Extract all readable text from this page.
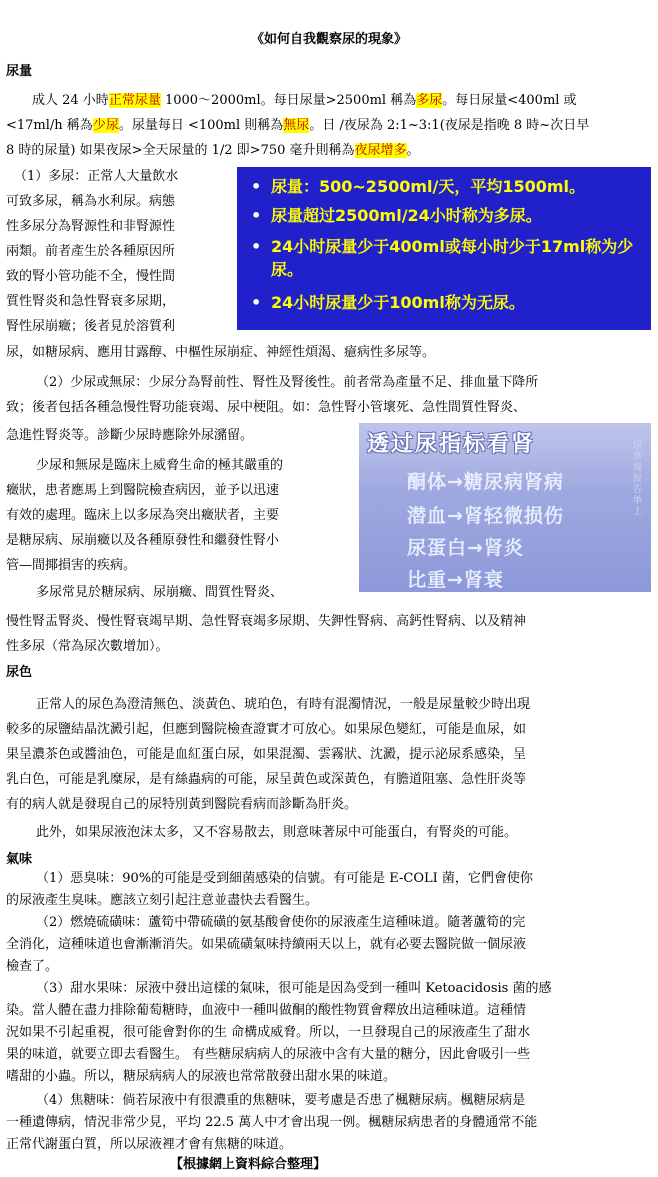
《如何自我觀察尿的現象》
尿量

成人 24 小時正常尿量 1000～2000ml。每日尿量>2500ml 稱為多尿。每日尿量<400ml 或
<17ml/h 稱為少尿。尿量每日 <100ml 則稱為無尿。日 /夜尿為 2:1~3:1(夜尿是指晚 8 時~次日早
8 時的尿量) 如果夜尿>全天尿量的 1/2 即>750 毫升則稱為夜尿增多。

（1）多尿：正常人大量飲水
可致多尿，稱為水利尿。病態
性多尿分為腎源性和非腎源性
兩類。前者產生於各種原因所
致的腎小管功能不全，慢性間
質性腎炎和急性腎衰多尿期，
腎性尿崩癥；後者見於溶質利
• 尿量：500~2500ml/天，平均1500ml。
• 尿量超过2500ml/24小时称为多尿。
• 24小时尿量少于400ml或每小时少于17ml称为少尿。
• 24小时尿量少于100ml称为无尿。
尿，如糖尿病、應用甘露醇、中樞性尿崩症、神經性煩渴、癔病性多尿等。
（2）少尿或無尿：少尿分為腎前性、腎性及腎後性。前者常為產量不足、排血量下降所
致；後者包括各種急慢性腎功能衰竭、尿中梗阻。如：急性腎小管壞死、急性間質性腎炎、
急進性腎炎等。診斷少尿時應除外尿瀦留。
少尿和無尿是臨床上威脅生命的極其嚴重的
癥狀，患者應馬上到醫院檢查病因，並予以迅速
有效的處理。臨床上以多尿為突出癥狀者，主要
是糖尿病、尿崩癥以及各種原發性和繼發性腎小
管—間揶損害的疾病。
多尿常見於糖尿病、尿崩癥、間質性腎炎、
慢性腎盂腎炎、慢性腎衰竭早期、急性腎衰竭多尿期、失鉀性腎病、高鈣性腎病、以及精神
性多尿（常為尿次數增加）。
透过尿指标看肾
酮体→糖尿病肾病
潜血→肾轻微损伤
尿蛋白→肾炎
比重→肾衰
尿常规报告单上
尿色
正常人的尿色為澄清無色、淡黃色、琥珀色，有時有混濁情況，一般是尿量較少時出現
較多的尿鹽結晶沈澱引起，但應到醫院檢查證實才可放心。如果尿色變紅，可能是血尿，如
果呈濃茶色或醬油色，可能是血紅蛋白尿，如果混濁、雲霧狀、沈澱，提示泌尿系感染，呈
乳白色，可能是乳糜尿，是有絲蟲病的可能，尿呈黃色或深黃色，有膽道阻塞、急性肝炎等
有的病人就是發現自己的尿特別黃到醫院看病而診斷為肝炎。
此外，如果尿液泡沫太多，又不容易散去，則意味著尿中可能蛋白，有腎炎的可能。
氣味
（1）惡臭味：90%的可能是受到細菌感染的信號。有可能是 E-COLI 菌，它們會使你
的尿液產生臭味。應該立刻引起注意並盡快去看醫生。
（2）燃燒硫磺味：蘆筍中帶硫磺的氨基酸會使你的尿液產生這種味道。隨著蘆筍的完
全消化，這種味道也會漸漸消失。如果硫磺氣味持續兩天以上，就有必要去醫院做一個尿液
檢查了。
（3）甜水果味：尿液中發出這樣的氣味，很可能是因為受到一種叫 Ketoacidosis 菌的感
染。當人體在盡力排除葡萄糖時，血液中一種叫做酮的酸性物質會釋放出這種味道。這種情
況如果不引起重視，很可能會對你的生 命構成威脅。所以，一旦發現自己的尿液產生了甜水
果的味道，就要立即去看醫生。 有些糖尿病病人的尿液中含有大量的糖分，因此會吸引一些
嗜甜的小蟲。所以，糖尿病病人的尿液也常常散發出甜水果的味道。
（4）焦糖味：倘若尿液中有很濃重的焦糖味，要考慮是否患了楓糖尿病。楓糖尿病是
一種遺傳病，情況非常少見，平均 22.5 萬人中才會出現一例。楓糖尿病患者的身體通常不能
正常代謝蛋白質，所以尿液裡才會有焦糖的味道。
【根據網上資料綜合整理】
